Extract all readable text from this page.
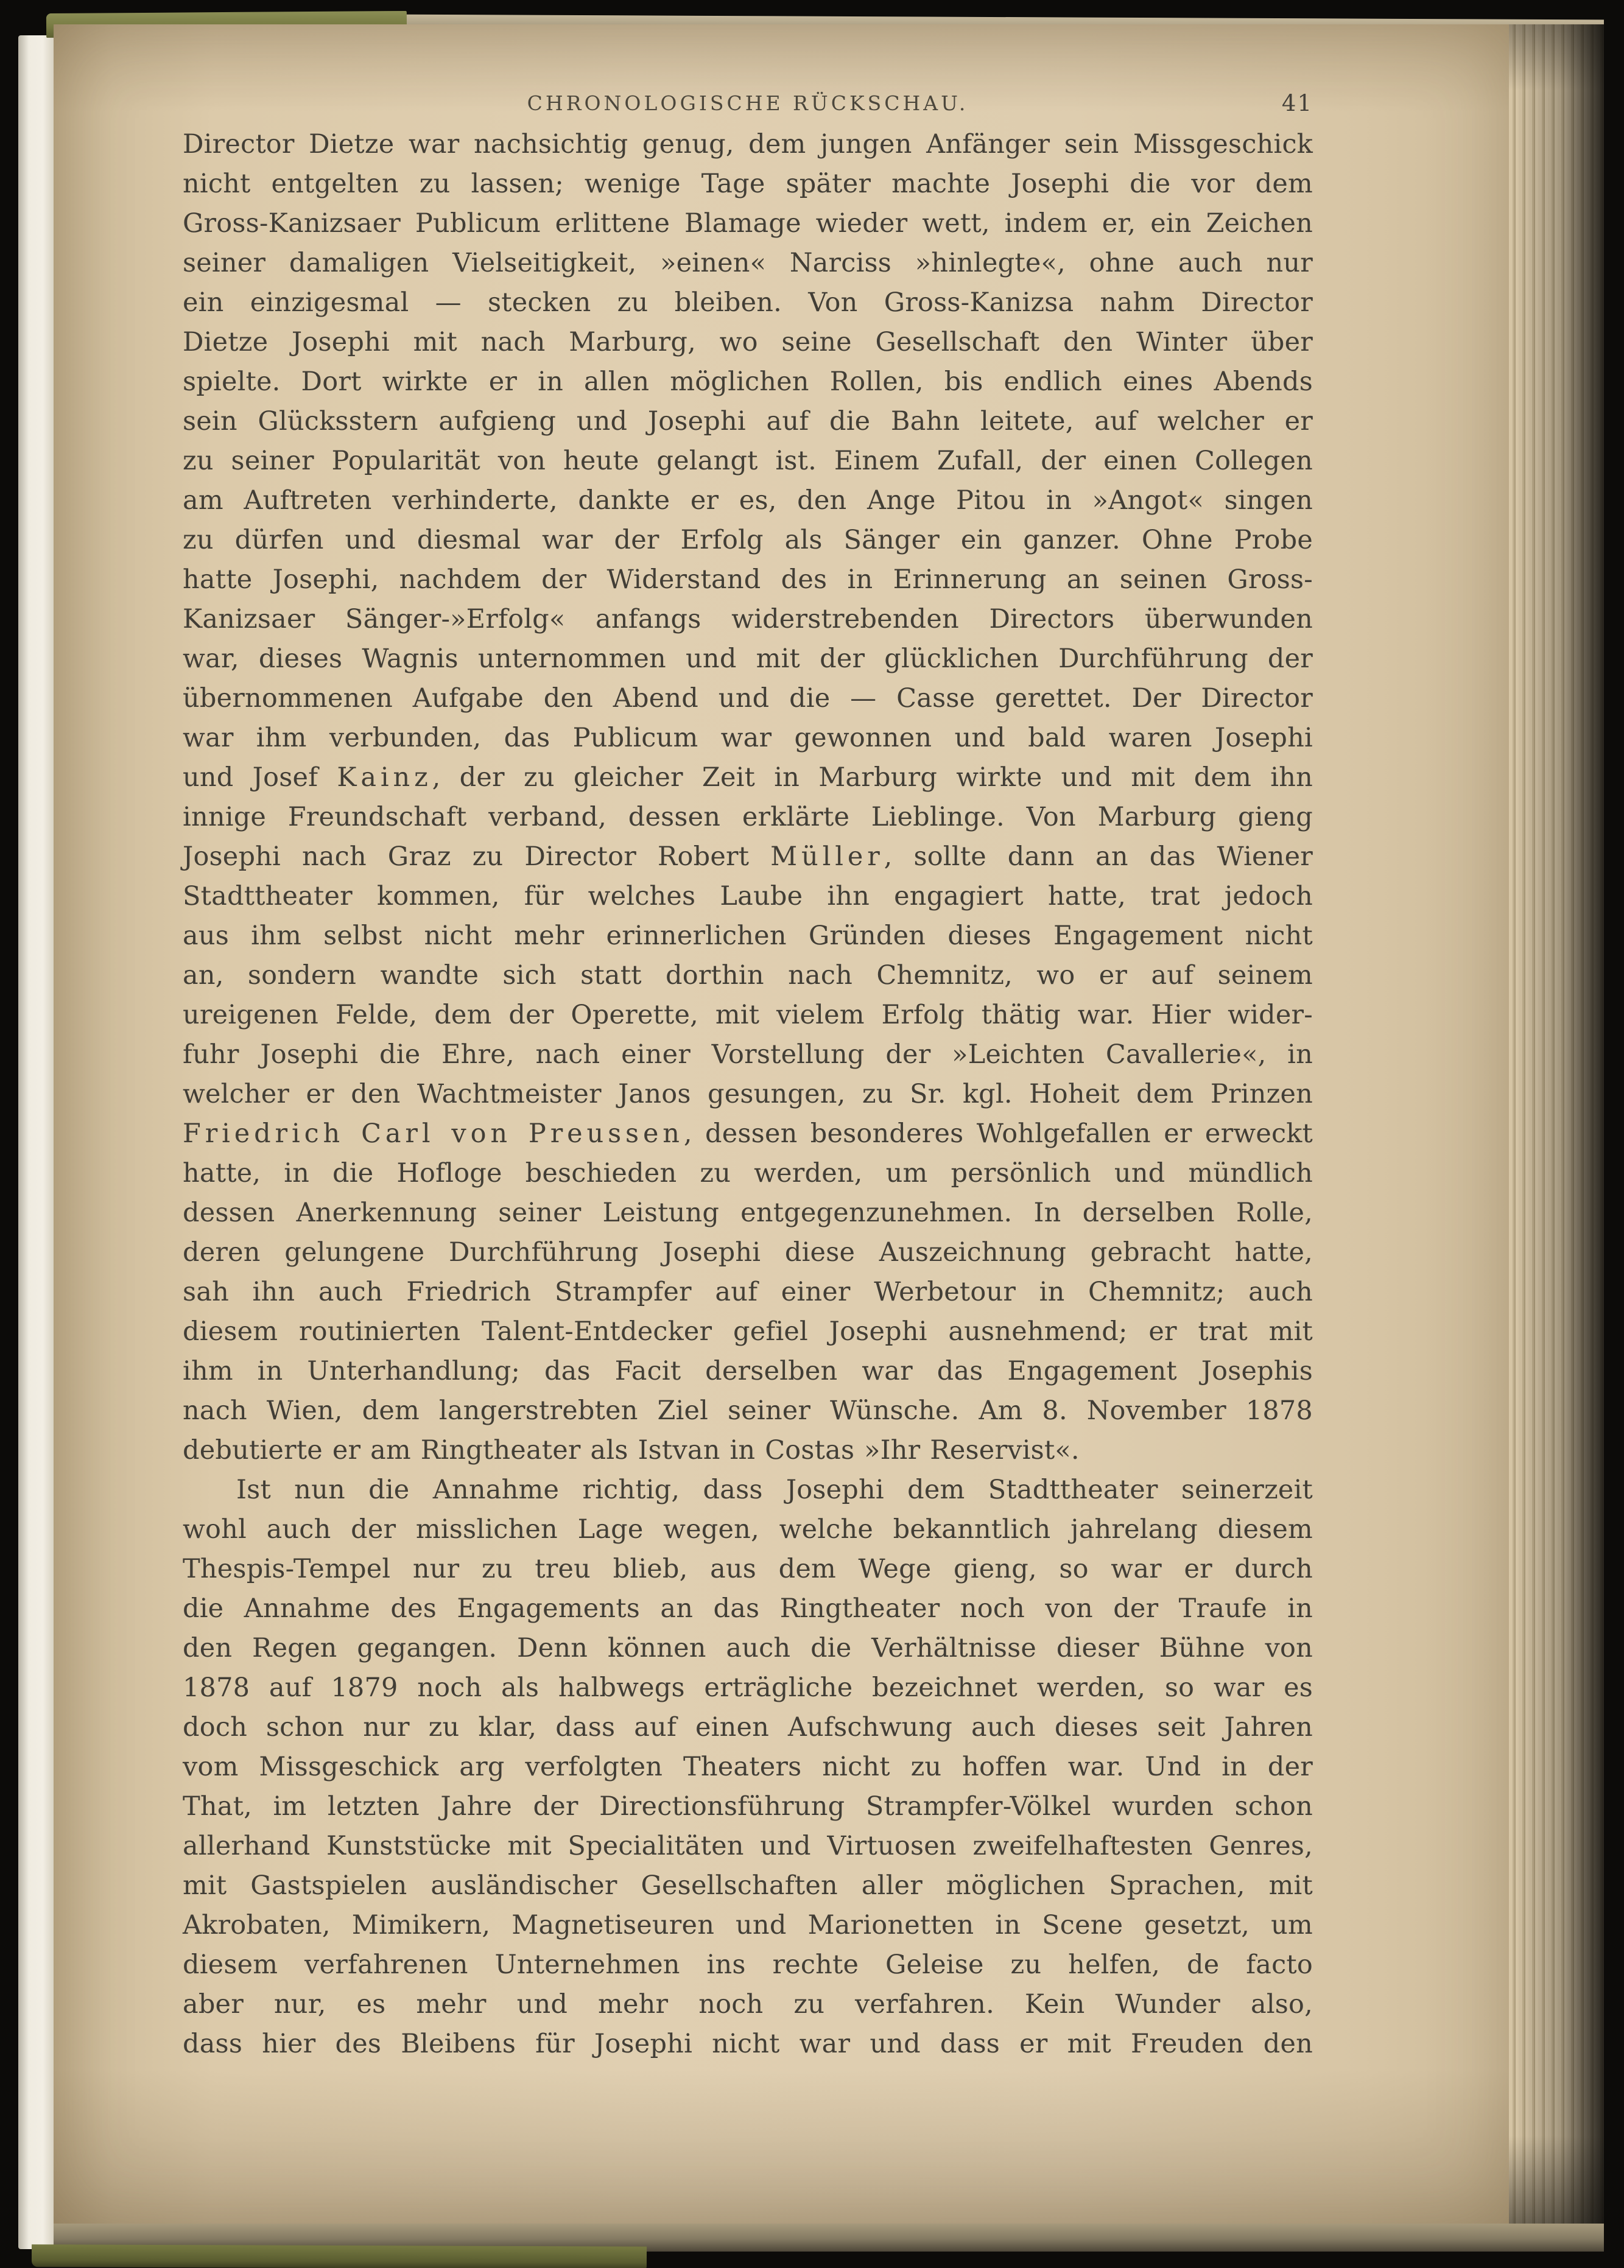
CHRONOLOGISCHE RÜCKSCHAU.	41
Director Dietze war nachsichtig genug, dem jungen Anfänger sein Missgeschick
nicht entgelten zu lassen; wenige Tage später machte Josephi die vor dem
Gross-Kanizsaer Publicum erlittene Blamage wieder wett, indem er, ein Zeichen
seiner damaligen Vielseitigkeit, »einen« Narciss »hinlegte«, ohne auch nur
ein einzigesmal — stecken zu bleiben. Von Gross-Kanizsa nahm Director
Dietze Josephi mit nach Marburg, wo seine Gesellschaft den Winter über
spielte. Dort wirkte er in allen möglichen Rollen, bis endlich eines Abends
sein Glücksstern aufgieng und Josephi auf die Bahn leitete, auf welcher er
zu seiner Popularität von heute gelangt ist. Einem Zufall, der einen Collegen
am Auftreten verhinderte, dankte er es, den Ange Pitou in »Angot« singen
zu dürfen und diesmal war der Erfolg als Sänger ein ganzer. Ohne Probe
hatte Josephi, nachdem der Widerstand des in Erinnerung an seinen Gross-
Kanizsaer Sänger-»Erfolg« anfangs widerstrebenden Directors überwunden
war, dieses Wagnis unternommen und mit der glücklichen Durchführung der
übernommenen Aufgabe den Abend und die — Casse gerettet. Der Director
war ihm verbunden, das Publicum war gewonnen und bald waren Josephi
und Josef Kainz, der zu gleicher Zeit in Marburg wirkte und mit dem ihn
innige Freundschaft verband, dessen erklärte Lieblinge. Von Marburg gieng
Josephi nach Graz zu Director Robert Müller, sollte dann an das Wiener
Stadttheater kommen, für welches Laube ihn engagiert hatte, trat jedoch
aus ihm selbst nicht mehr erinnerlichen Gründen dieses Engagement nicht
an, sondern wandte sich statt dorthin nach Chemnitz, wo er auf seinem
ureigenen Felde, dem der Operette, mit vielem Erfolg thätig war. Hier wider-
fuhr Josephi die Ehre, nach einer Vorstellung der »Leichten Cavallerie«, in
welcher er den Wachtmeister Janos gesungen, zu Sr. kgl. Hoheit dem Prinzen
Friedrich Carl von Preussen, dessen besonderes Wohlgefallen er erweckt
hatte, in die Hofloge beschieden zu werden, um persönlich und mündlich
dessen Anerkennung seiner Leistung entgegenzunehmen. In derselben Rolle,
deren gelungene Durchführung Josephi diese Auszeichnung gebracht hatte,
sah ihn auch Friedrich Strampfer auf einer Werbetour in Chemnitz; auch
diesem routinierten Talent-Entdecker gefiel Josephi ausnehmend; er trat mit
ihm in Unterhandlung; das Facit derselben war das Engagement Josephis
nach Wien, dem langerstrebten Ziel seiner Wünsche. Am 8. November 1878
debutierte er am Ringtheater als Istvan in Costas »Ihr Reservist«.
Ist nun die Annahme richtig, dass Josephi dem Stadttheater seinerzeit
wohl auch der misslichen Lage wegen, welche bekanntlich jahrelang diesem
Thespis-Tempel nur zu treu blieb, aus dem Wege gieng, so war er durch
die Annahme des Engagements an das Ringtheater noch von der Traufe in
den Regen gegangen. Denn können auch die Verhältnisse dieser Bühne von
1878 auf 1879 noch als halbwegs erträgliche bezeichnet werden, so war es
doch schon nur zu klar, dass auf einen Aufschwung auch dieses seit Jahren
vom Missgeschick arg verfolgten Theaters nicht zu hoffen war. Und in der
That, im letzten Jahre der Directionsführung Strampfer-Völkel wurden schon
allerhand Kunststücke mit Specialitäten und Virtuosen zweifelhaftesten Genres,
mit Gastspielen ausländischer Gesellschaften aller möglichen Sprachen, mit
Akrobaten, Mimikern, Magnetiseuren und Marionetten in Scene gesetzt, um
diesem verfahrenen Unternehmen ins rechte Geleise zu helfen, de facto
aber nur, es mehr und mehr noch zu verfahren. Kein Wunder also,
dass hier des Bleibens für Josephi nicht war und dass er mit Freuden den
